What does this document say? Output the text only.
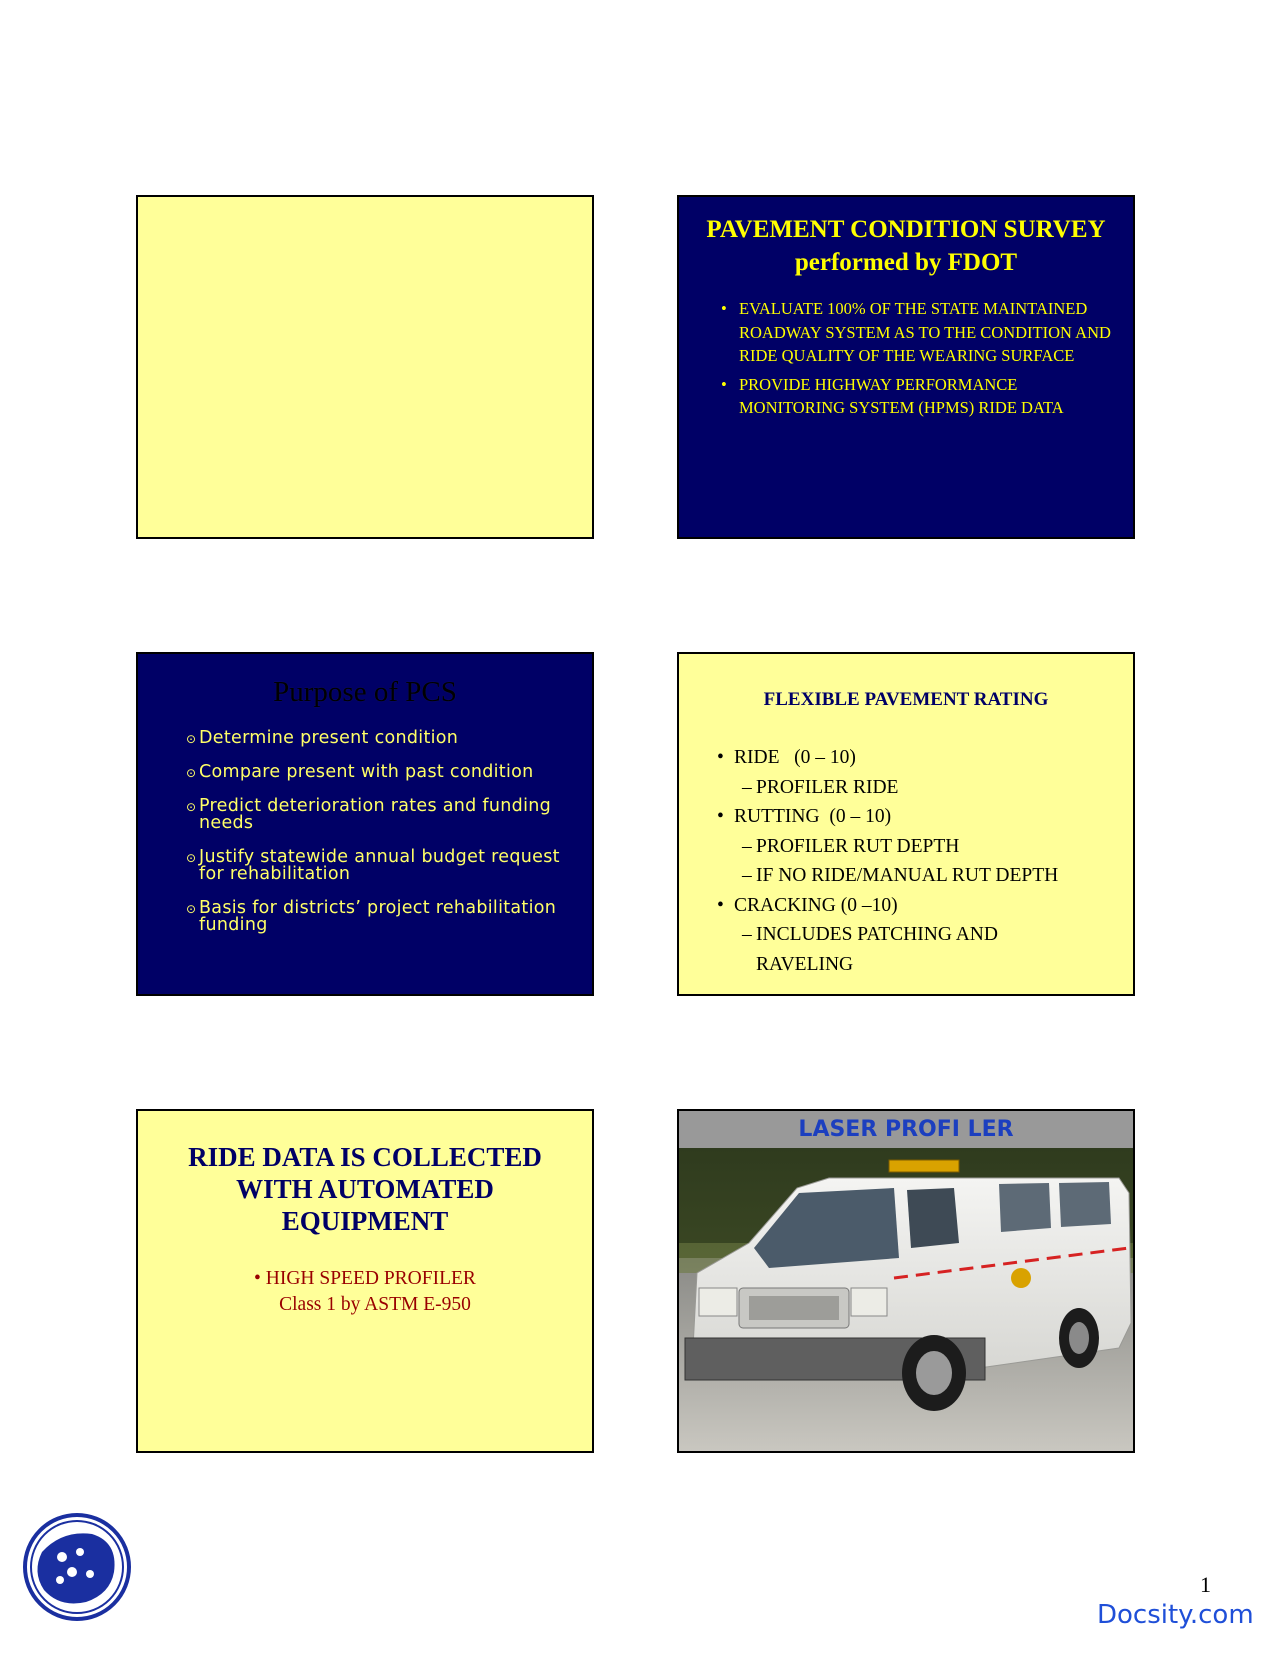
PAVEMENT CONDITION SURVEY
performed by FDOT
• EVALUATE 100% OF THE STATE MAINTAINED ROADWAY SYSTEM AS TO THE CONDITION AND RIDE QUALITY OF THE WEARING SURFACE
• PROVIDE HIGHWAY PERFORMANCE MONITORING SYSTEM (HPMS) RIDE DATA
Purpose of PCS
⊙ Determine present condition
⊙ Compare present with past condition
⊙ Predict deterioration rates and funding needs
⊙ Justify statewide annual budget request for rehabilitation
⊙ Basis for districts’ project rehabilitation funding
FLEXIBLE PAVEMENT RATING
• RIDE   (0 – 10)
– PROFILER RIDE
• RUTTING  (0 – 10)
– PROFILER RUT DEPTH
– IF NO RIDE/MANUAL RUT DEPTH
• CRACKING (0 –10)
– INCLUDES PATCHING AND
RAVELING
RIDE DATA IS COLLECTED
WITH AUTOMATED
EQUIPMENT
• HIGH SPEED PROFILER
Class 1 by ASTM E-950
LASER PROFI LER
1
Docsity.com
